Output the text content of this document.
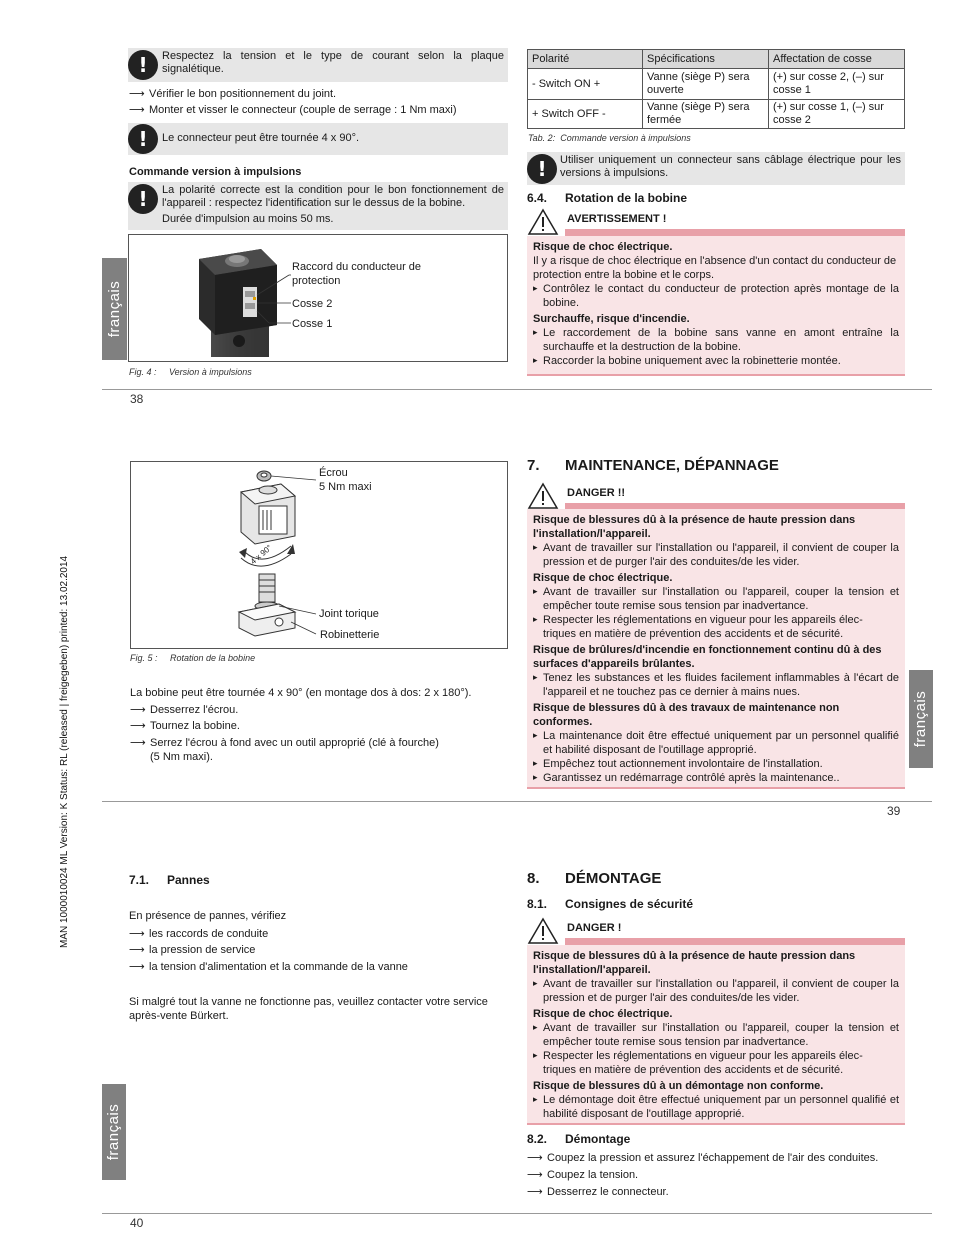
MAN 1000010024 ML Version: K Status: RL (released | freigegeben) printed: 13.02.2014
français
!	Respectez la tension et le type de courant selon la plaque signalétique.
⟶ Vérifier le bon positionnement du joint.
⟶ Monter et visser le connecteur (couple de serrage : 1 Nm maxi)
!	Le connecteur peut être tournée 4 x 90°.
Commande version à impulsions
!	La polarité correcte est la condition pour le bon fonctionnement de l'appareil : respectez l'identification sur le dessus de la bobine.
Durée d'impulsion au moins 50 ms.
Raccord du conducteur de protection
Cosse 2
Cosse 1
Fig. 4 :     Version à impulsions
Polarité	Spécifications	Affectation de cosse
- Switch ON +	Vanne (siège P) sera ouverte	(+) sur cosse 2, (–) sur cosse 1
+ Switch OFF -	Vanne (siège P) sera fermée	(+) sur cosse 1, (–) sur cosse 2
Tab. 2:  Commande version à impulsions
!	Utiliser uniquement un connecteur sans câblage électrique pour les versions à impulsions.
6.4. Rotation de la bobine
AVERTISSEMENT !
Risque de choc électrique.
Il y a risque de choc électrique en l'absence d'un contact du conducteur de protection entre la bobine et le corps.
▸ Contrôlez le contact du conducteur de protection après montage de la bobine.
Surchauffe, risque d'incendie.
▸ Le raccordement de la bobine sans vanne en amont entraîne la surchauffe et la destruction de la bobine.
▸ Raccorder la bobine uniquement avec la robinetterie montée.
38
4 x 90°
Écrou
5 Nm maxi
Joint torique
Robinetterie
Fig. 5 :     Rotation de la bobine
La bobine peut être tournée 4 x 90° (en montage dos à dos: 2 x 180°).
⟶ Desserrez l'écrou.
⟶ Tournez la bobine.
⟶ Serrez l'écrou à fond avec un outil approprié (clé à fourche)
(5 Nm maxi).
7. MAINTENANCE, DÉPANNAGE
DANGER !!
Risque de blessures dû à la présence de haute pression dans l'installation/l'appareil.
▸ Avant de travailler sur l'installation ou l'appareil, il convient de couper la pression et de purger l'air des conduites/de les vider.
Risque de choc électrique.
▸ Avant de travailler sur l'installation ou l'appareil, couper la tension et empêcher toute remise sous tension par inadvertance.
▸ Respecter les réglementations en vigueur pour les appareils élec-
triques en matière de prévention des accidents et de sécurité.
Risque de brûlures/d'incendie en fonctionnement continu dû à des surfaces d'appareils brûlantes.
▸ Tenez les substances et les fluides facilement inflammables à l'écart de l'appareil et ne touchez pas ce dernier à mains nues.
Risque de blessures dû à des travaux de maintenance non conformes.
▸ La maintenance doit être effectué uniquement par un personnel qualifié et habilité disposant de l'outillage approprié.
▸ Empêchez tout actionnement involontaire de l'installation.
▸ Garantissez un redémarrage contrôlé après la maintenance..
français
39
7.1. Pannes
En présence de pannes, vérifiez
⟶ les raccords de conduite
⟶ la pression de service
⟶ la tension d'alimentation et la commande de la vanne
Si malgré tout la vanne ne fonctionne pas, veuillez contacter votre service après-vente Bürkert.
français
8. DÉMONTAGE
8.1. Consignes de sécurité
DANGER !
Risque de blessures dû à la présence de haute pression dans l'installation/l'appareil.
▸ Avant de travailler sur l'installation ou l'appareil, il convient de couper la pression et de purger l'air des conduites/de les vider.
Risque de choc électrique.
▸ Avant de travailler sur l'installation ou l'appareil, couper la tension et empêcher toute remise sous tension par inadvertance.
▸ Respecter les réglementations en vigueur pour les appareils élec-
triques en matière de prévention des accidents et de sécurité.
Risque de blessures dû à un démontage non conforme.
▸ Le démontage doit être effectué uniquement par un personnel qualifié et habilité disposant de l'outillage approprié.
8.2. Démontage
⟶ Coupez la pression et assurez l'échappement de l'air des conduites.
⟶ Coupez la tension.
⟶ Desserrez le connecteur.
40
